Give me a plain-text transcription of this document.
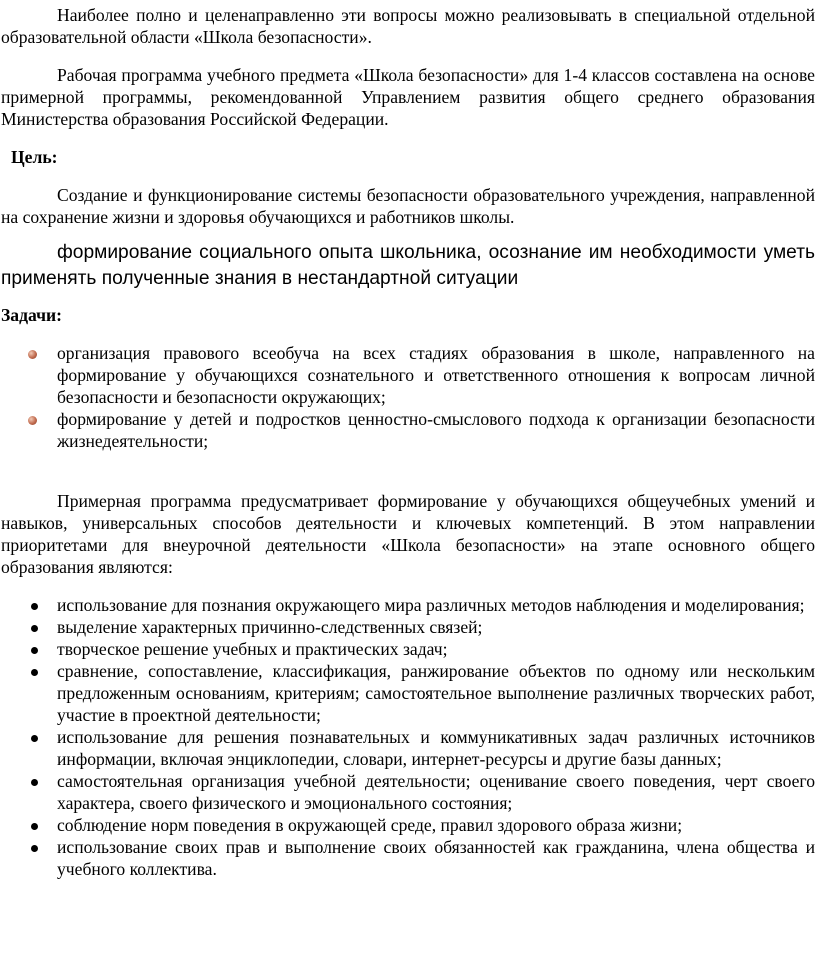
Наиболее полно и целенаправленно эти вопросы можно реализовывать в специальной отдельной образовательной области «Школа безопасности».

Рабочая программа учебного предмета «Школа безопасности» для 1-4 классов составлена на основе примерной программы, рекомендованной Управлением развития общего среднего образования Министерства образования Российской Федерации.

Цель:

Создание и функционирование системы безопасности образовательного учреждения, направленной на сохранение жизни и здоровья обучающихся и работников школы.

формирование социального опыта школьника, осознание им необходимости уметь применять полученные знания в нестандартной ситуации

Задачи:

организация правового всеобуча на всех стадиях образования в школе, направленного на формирование у обучающихся сознательного и ответственного отношения к вопросам личной безопасности и безопасности окружающих;
формирование у детей и подростков ценностно-смыслового подхода к организации безопасности жизнедеятельности;

Примерная программа предусматривает формирование у обучающихся общеучебных умений и навыков, универсальных способов деятельности и ключевых компетенций. В этом направлении приоритетами для внеурочной деятельности «Школа безопасности» на этапе основного общего образования являются:

использование для познания окружающего мира различных методов наблюдения и моделирования;
выделение характерных причинно-следственных связей;
творческое решение учебных и практических задач;
сравнение, сопоставление, классификация, ранжирование объектов по одному или нескольким предложенным основаниям, критериям; самостоятельное выполнение различных творческих работ, участие в проектной деятельности;
использование для решения познавательных и коммуникативных задач различных источников информации, включая энциклопедии, словари, интернет-ресурсы и другие базы данных;
самостоятельная организация учебной деятельности; оценивание своего поведения, черт своего характера, своего физического и эмоционального состояния;
соблюдение норм поведения в окружающей среде, правил здорового образа жизни;
использование своих прав и выполнение своих обязанностей как гражданина, члена общества и учебного коллектива.
